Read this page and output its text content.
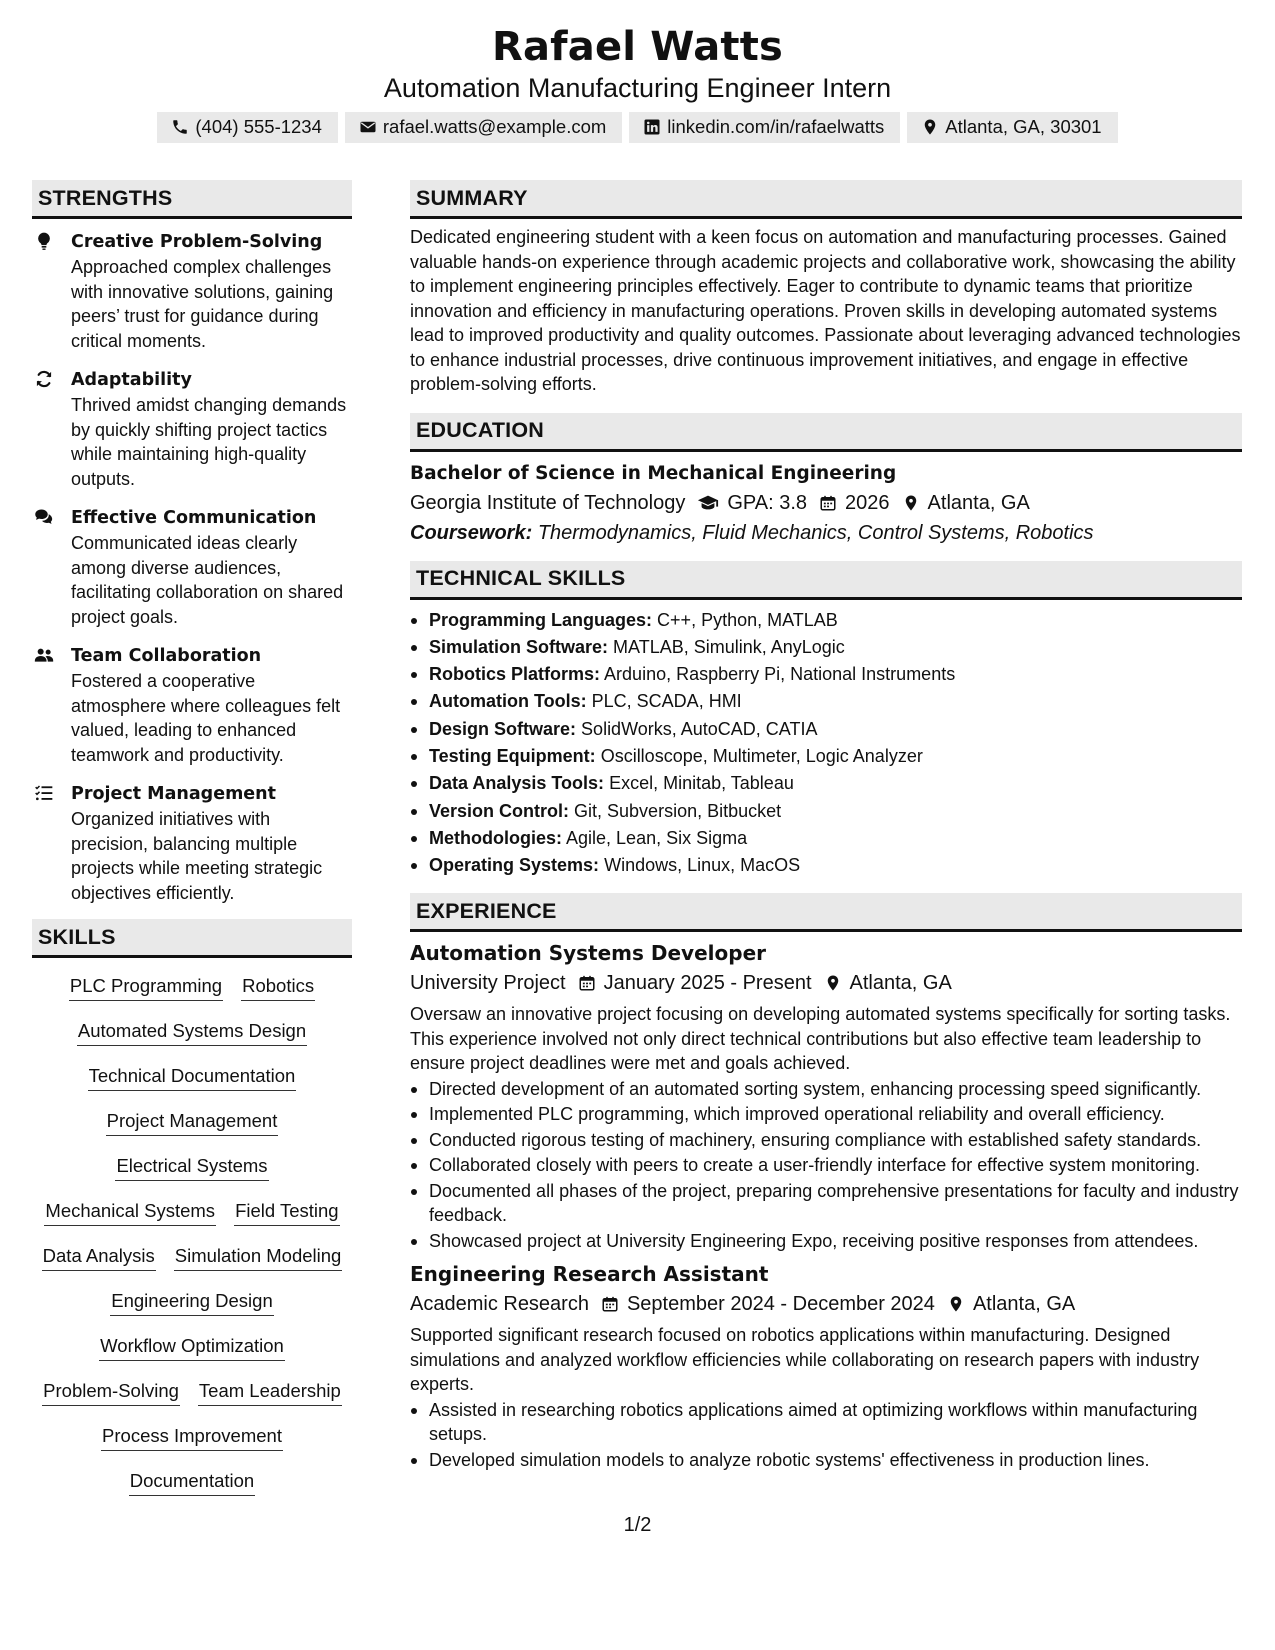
Rafael Watts
Automation Manufacturing Engineer Intern
(404) 555-1234	rafael.watts@example.com	linkedin.com/in/rafaelwatts	Atlanta, GA, 30301
STRENGTHS
Creative Problem-Solving
Approached complex challenges with innovative solutions, gaining peers’ trust for guidance during critical moments.
Adaptability
Thrived amidst changing demands by quickly shifting project tactics while maintaining high-quality outputs.
Effective Communication
Communicated ideas clearly among diverse audiences, facilitating collaboration on shared project goals.
Team Collaboration
Fostered a cooperative atmosphere where colleagues felt valued, leading to enhanced teamwork and productivity.
Project Management
Organized initiatives with precision, balancing multiple projects while meeting strategic objectives efficiently.
SKILLS
PLC Programming Robotics
Automated Systems Design
Technical Documentation
Project Management
Electrical Systems
Mechanical Systems Field Testing
Data Analysis Simulation Modeling
Engineering Design
Workflow Optimization
Problem-Solving Team Leadership
Process Improvement
Documentation
SUMMARY

Dedicated engineering student with a keen focus on automation and manufacturing processes. Gained valuable hands-on experience through academic projects and collaborative work, showcasing the ability to implement engineering principles effectively. Eager to contribute to dynamic teams that prioritize innovation and efficiency in manufacturing operations. Proven skills in developing automated systems lead to improved productivity and quality outcomes. Passionate about leveraging advanced technologies to enhance industrial processes, drive continuous improvement initiatives, and engage in effective problem-solving efforts.

EDUCATION
Bachelor of Science in Mechanical Engineering
Georgia Institute of Technology GPA: 3.8 2026 Atlanta, GA
Coursework: Thermodynamics, Fluid Mechanics, Control Systems, Robotics
TECHNICAL SKILLS
Programming Languages: C++, Python, MATLAB
Simulation Software: MATLAB, Simulink, AnyLogic
Robotics Platforms: Arduino, Raspberry Pi, National Instruments
Automation Tools: PLC, SCADA, HMI
Design Software: SolidWorks, AutoCAD, CATIA
Testing Equipment: Oscilloscope, Multimeter, Logic Analyzer
Data Analysis Tools: Excel, Minitab, Tableau
Version Control: Git, Subversion, Bitbucket
Methodologies: Agile, Lean, Six Sigma
Operating Systems: Windows, Linux, MacOS
EXPERIENCE
Automation Systems Developer
University Project January 2025 - Present Atlanta, GA

Oversaw an innovative project focusing on developing automated systems specifically for sorting tasks. This experience involved not only direct technical contributions but also effective team leadership to ensure project deadlines were met and goals achieved.

Directed development of an automated sorting system, enhancing processing speed significantly.
Implemented PLC programming, which improved operational reliability and overall efficiency.
Conducted rigorous testing of machinery, ensuring compliance with established safety standards.
Collaborated closely with peers to create a user-friendly interface for effective system monitoring.
Documented all phases of the project, preparing comprehensive presentations for faculty and industry feedback.
Showcased project at University Engineering Expo, receiving positive responses from attendees.
Engineering Research Assistant
Academic Research September 2024 - December 2024 Atlanta, GA

Supported significant research focused on robotics applications within manufacturing. Designed simulations and analyzed workflow efficiencies while collaborating on research papers with industry experts.

Assisted in researching robotics applications aimed at optimizing workflows within manufacturing setups.
Developed simulation models to analyze robotic systems' effectiveness in production lines.
1/2
